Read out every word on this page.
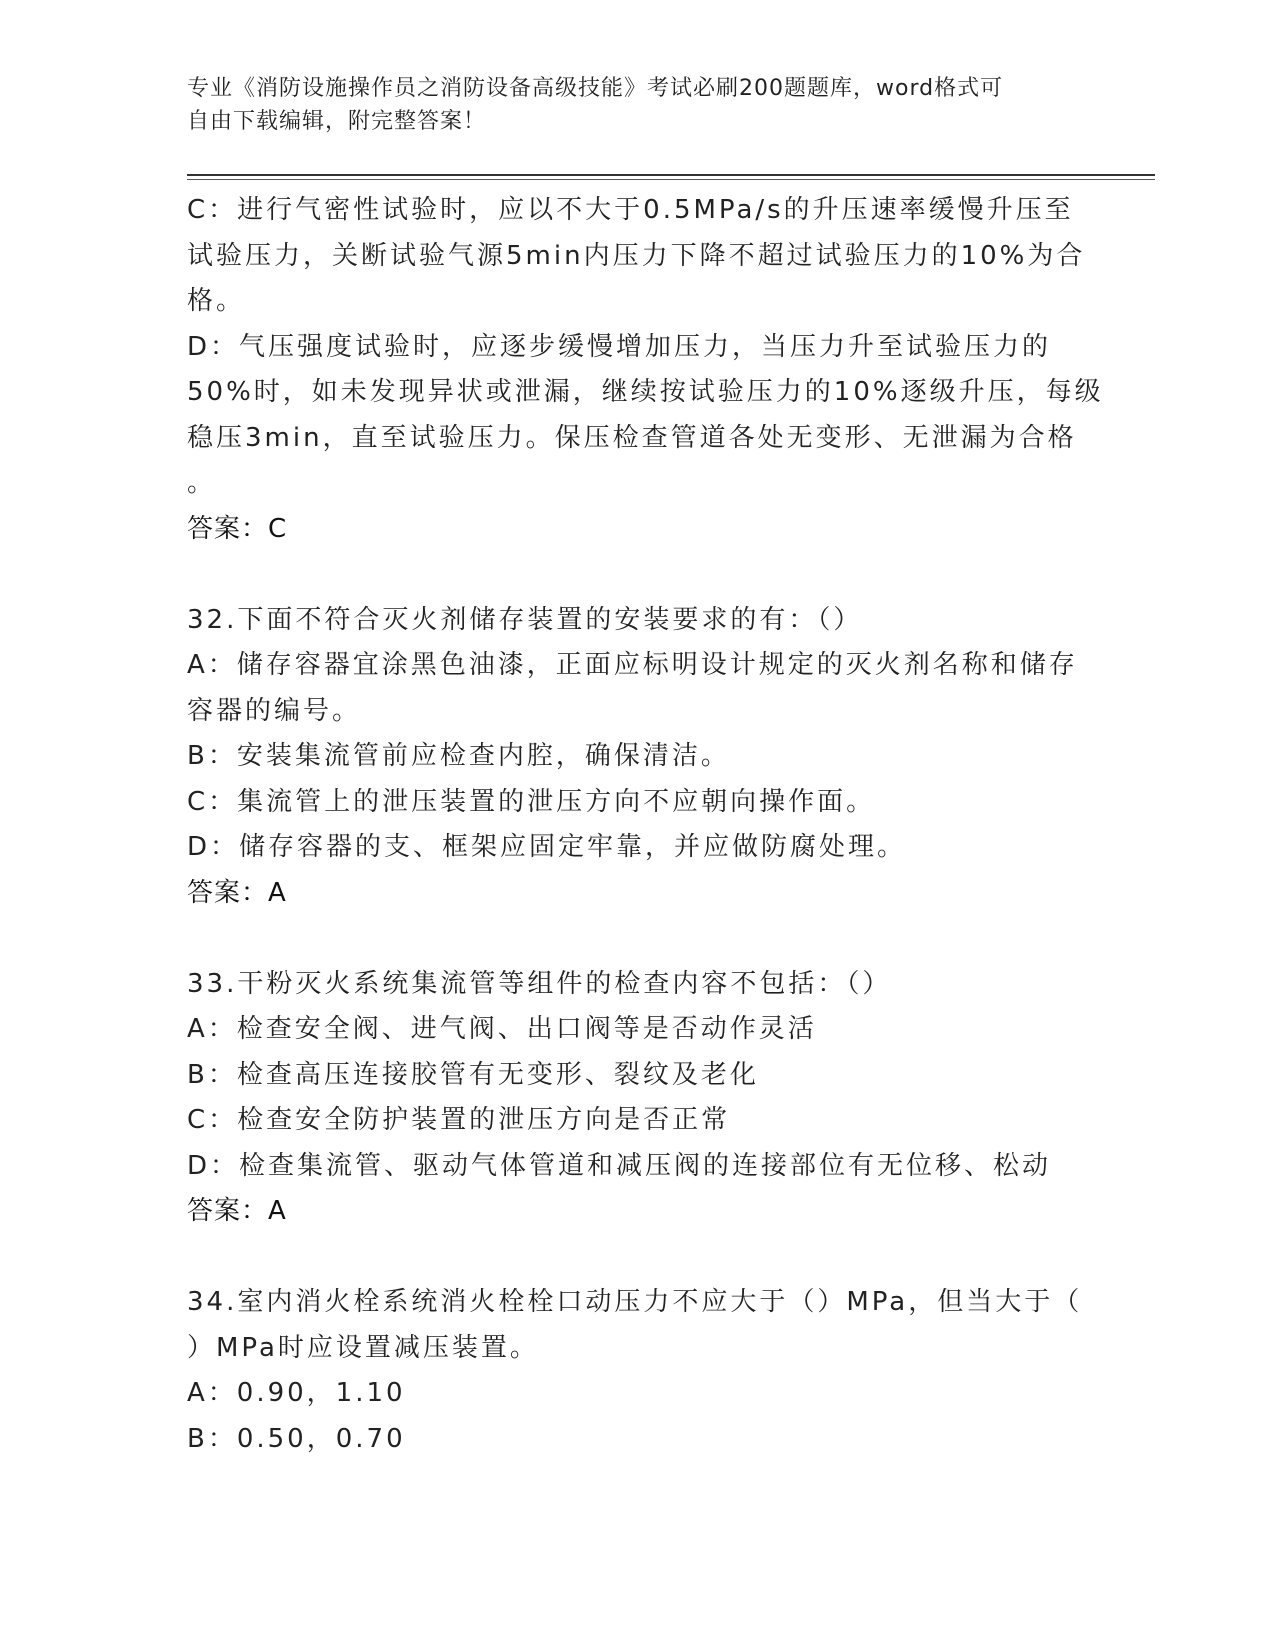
专业《消防设施操作员之消防设备高级技能》考试必刷200题题库，word格式可
自由下载编辑，附完整答案！
C：进行气密性试验时，应以不大于0.5MPa/s的升压速率缓慢升压至
试验压力，关断试验气源5min内压力下降不超过试验压力的10%为合
格。
D：气压强度试验时，应逐步缓慢增加压力，当压力升至试验压力的
50%时，如未发现异状或泄漏，继续按试验压力的10%逐级升压，每级
稳压3min，直至试验压力。保压检查管道各处无变形、无泄漏为合格
。
答案：C
32.下面不符合灭火剂储存装置的安装要求的有：（）
A：储存容器宜涂黑色油漆，正面应标明设计规定的灭火剂名称和储存
容器的编号。
B：安装集流管前应检查内腔，确保清洁。
C：集流管上的泄压装置的泄压方向不应朝向操作面。
D：储存容器的支、框架应固定牢靠，并应做防腐处理。
答案：A
33.干粉灭火系统集流管等组件的检查内容不包括：（）
A：检查安全阀、进气阀、出口阀等是否动作灵活
B：检查高压连接胶管有无变形、裂纹及老化
C：检查安全防护装置的泄压方向是否正常
D：检查集流管、驱动气体管道和减压阀的连接部位有无位移、松动
答案：A
34.室内消火栓系统消火栓栓口动压力不应大于（）MPa，但当大于（
）MPa时应设置减压装置。
A：0.90，1.10
B：0.50，0.70
